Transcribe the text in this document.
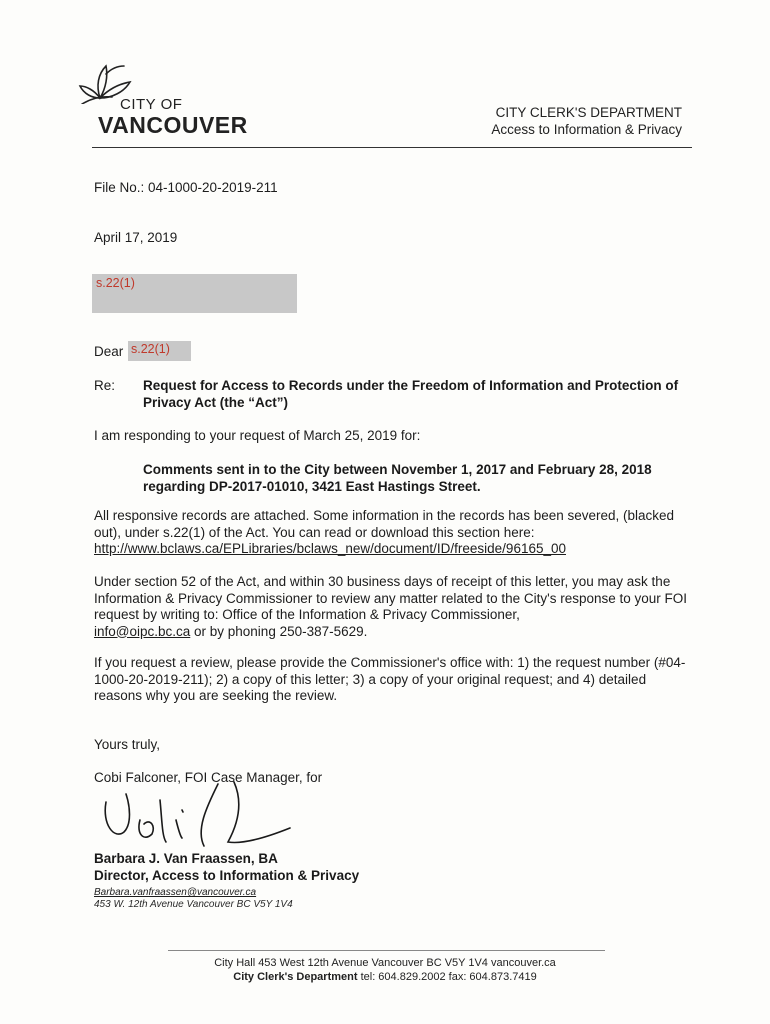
CITY OF
VANCOUVER	CITY CLERK'S DEPARTMENT
Access to Information & Privacy
File No.: 04-1000-20-2019-211
April 17, 2019
s.22(1)
Dear s.22(1)
Re: Request for Access to Records under the Freedom of Information and Protection of Privacy Act (the “Act”)
I am responding to your request of March 25, 2019 for:
Comments sent in to the City between November 1, 2017 and February 28, 2018 regarding DP-2017-01010, 3421 East Hastings Street.
All responsive records are attached. Some information in the records has been severed, (blacked out), under s.22(1) of the Act. You can read or download this section here:
http://www.bclaws.ca/EPLibraries/bclaws_new/document/ID/freeside/96165_00
Under section 52 of the Act, and within 30 business days of receipt of this letter, you may ask the Information & Privacy Commissioner to review any matter related to the City's response to your FOI request by writing to: Office of the Information & Privacy Commissioner,
info@oipc.bc.ca or by phoning 250-387-5629.
If you request a review, please provide the Commissioner's office with: 1) the request number (#04-1000-20-2019-211); 2) a copy of this letter; 3) a copy of your original request; and 4) detailed reasons why you are seeking the review.
Yours truly,
Cobi Falconer, FOI Case Manager, for
Barbara J. Van Fraassen, BA
Director, Access to Information & Privacy
Barbara.vanfraassen@vancouver.ca
453 W. 12th Avenue Vancouver BC V5Y 1V4
City Hall 453 West 12th Avenue Vancouver BC V5Y 1V4 vancouver.ca
City Clerk's Department tel: 604.829.2002 fax: 604.873.7419
